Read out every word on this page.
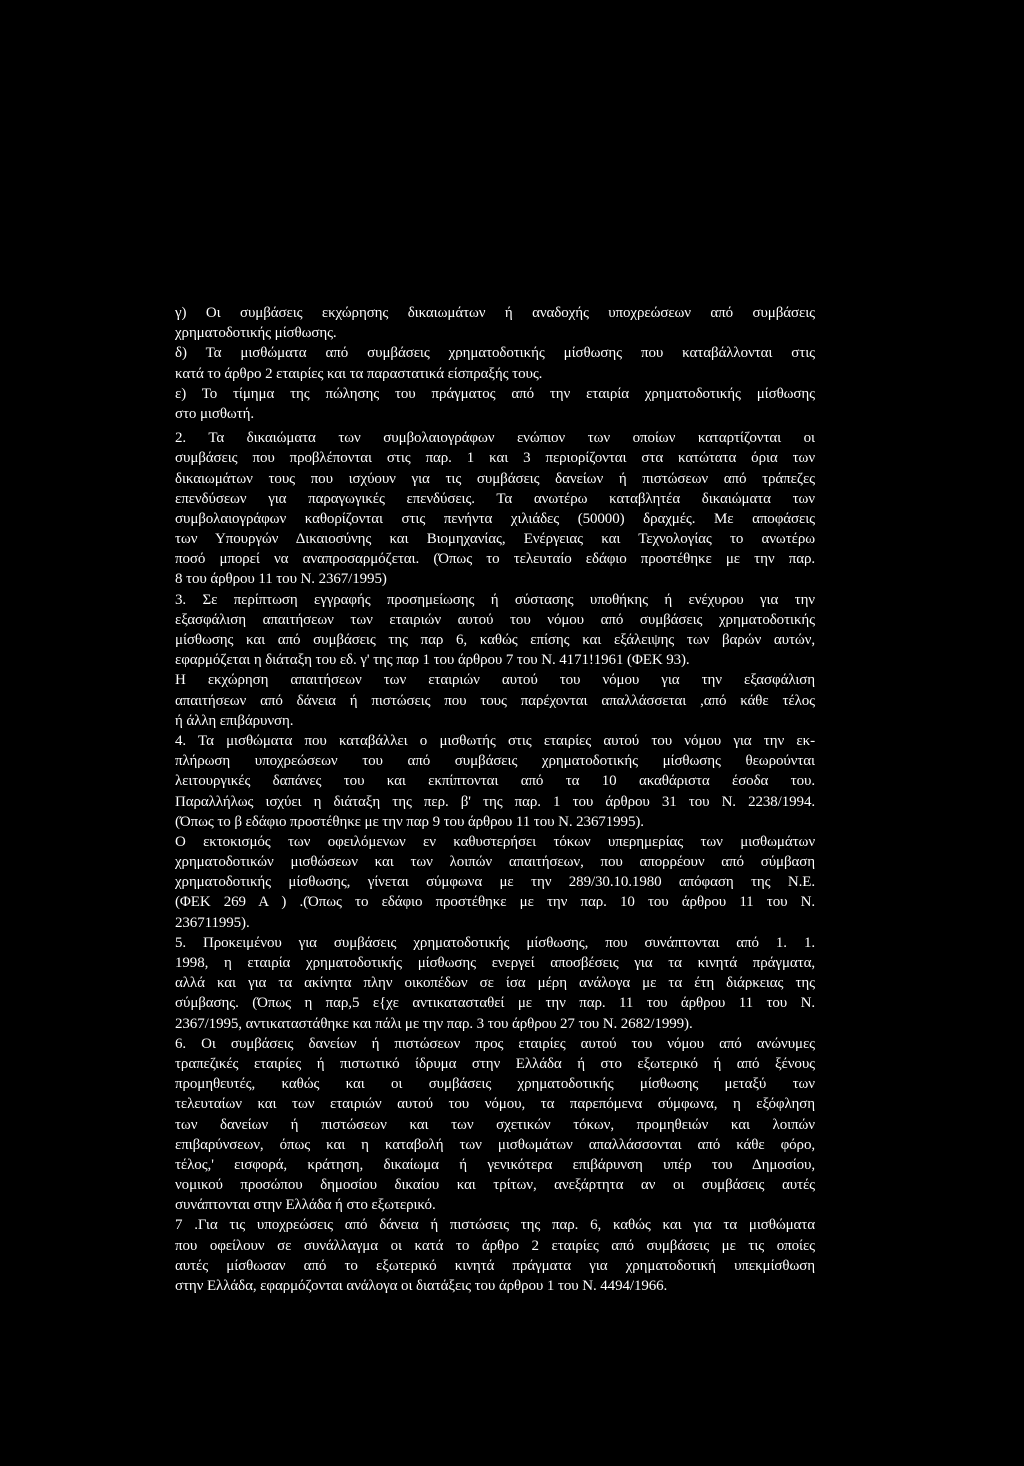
γ) Οι συμβάσεις εκχώρησης δικαιωμάτων ή αναδοχής υποχρεώσεων από συμβάσεις
χρηματοδοτικής μίσθωσης.
δ) Τα μισθώματα από συμβάσεις χρηματοδοτικής μίσθωσης που καταβάλλονται στις
κατά το άρθρο 2 εταιρίες και τα παραστατικά είσπραξής τους.
ε) Το τίμημα της πώλησης του πράγματος από την εταιρία χρηματοδοτικής μίσθωσης
στο μισθωτή.
2. Τα δικαιώματα των συμβολαιογράφων ενώπιον των οποίων καταρτίζονται οι
συμβάσεις που προβλέπονται στις παρ. 1 και 3 περιορίζονται στα κατώτατα όρια των
δικαιωμάτων τους που ισχύουν για τις συμβάσεις δανείων ή πιστώσεων από τράπεζες
επενδύσεων για παραγωγικές επενδύσεις. Τα ανωτέρω καταβλητέα δικαιώματα των
συμβολαιογράφων καθορίζονται στις πενήντα χιλιάδες (50000) δραχμές. Με αποφάσεις
των Υπουργών Δικαιοσύνης και Βιομηχανίας, Ενέργειας και Τεχνολογίας το ανωτέρω
ποσό μπορεί να αναπροσαρμόζεται. (Όπως το τελευταίο εδάφιο προστέθηκε με την παρ.
8 του άρθρου 11 του Ν. 2367/1995)
3. Σε περίπτωση εγγραφής προσημείωσης ή σύστασης υποθήκης ή ενέχυρου για την
εξασφάλιση απαιτήσεων των εταιριών αυτού του νόμου από συμβάσεις χρηματοδοτικής
μίσθωσης και από συμβάσεις της παρ 6, καθώς επίσης και εξάλειψης των βαρών αυτών,
εφαρμόζεται η διάταξη του εδ. γ' της παρ 1 του άρθρου 7 του Ν. 4171!1961 (ΦΕΚ 93).
Η εκχώρηση απαιτήσεων των εταιριών αυτού του νόμου για την εξασφάλιση
απαιτήσεων από δάνεια ή πιστώσεις που τους παρέχονται απαλλάσσεται ,από κάθε τέλος
ή άλλη επιβάρυνση.
4. Τα μισθώματα που καταβάλλει ο μισθωτής στις εταιρίες αυτού του νόμου για την εκ-
πλήρωση υποχρεώσεων του από συμβάσεις χρηματοδοτικής μίσθωσης θεωρούνται
λειτουργικές δαπάνες του και εκπίπτονται από τα 10 ακαθάριστα έσοδα του.
Παραλλήλως ισχύει η διάταξη της περ. β' της παρ. 1 του άρθρου 31 του Ν. 2238/1994.
(Όπως το β εδάφιο προστέθηκε με την παρ 9 του άρθρου 11 του Ν. 23671995).
Ο εκτοκισμός των οφειλόμενων εν καθυστερήσει τόκων υπερημερίας των μισθωμάτων
χρηματοδοτικών μισθώσεων και των λοιπών απαιτήσεων, που απορρέουν από σύμβαση
χρηματοδοτικής μίσθωσης, γίνεται σύμφωνα με την 289/30.10.1980 απόφαση της Ν.Ε.
(ΦΕΚ 269 Α ) .(Όπως το εδάφιο προστέθηκε με την παρ. 10 του άρθρου 11 του Ν.
236711995).
5. Προκειμένου για συμβάσεις χρηματοδοτικής μίσθωσης, που συνάπτονται από 1. 1.
1998, η εταιρία χρηματοδοτικής μίσθωσης ενεργεί αποσβέσεις για τα κινητά πράγματα,
αλλά και για τα ακίνητα πλην οικοπέδων σε ίσα μέρη ανάλογα με τα έτη διάρκειας της
σύμβασης. (Όπως η παρ,5 ε{χε αντικατασταθεί με την παρ. 11 του άρθρου 11 του Ν.
2367/1995, αντικαταστάθηκε και πάλι με την παρ. 3 του άρθρου 27 του Ν. 2682/1999).
6. Οι συμβάσεις δανείων ή πιστώσεων προς εταιρίες αυτού του νόμου από ανώνυμες
τραπεζικές εταιρίες ή πιστωτικό ίδρυμα στην Ελλάδα ή στο εξωτερικό ή από ξένους
προμηθευτές, καθώς και οι συμβάσεις χρηματοδοτικής μίσθωσης μεταξύ των
τελευταίων και των εταιριών αυτού του νόμου, τα παρεπόμενα σύμφωνα, η εξόφληση
των δανείων ή πιστώσεων και των σχετικών τόκων, προμηθειών και λοιπών
επιβαρύνσεων, όπως και η καταβολή των μισθωμάτων απαλλάσσονται από κάθε φόρο,
τέλος,' εισφορά, κράτηση, δικαίωμα ή γενικότερα επιβάρυνση υπέρ του Δημοσίου,
νομικού προσώπου δημοσίου δικαίου και τρίτων, ανεξάρτητα αν οι συμβάσεις αυτές
συνάπτονται στην Ελλάδα ή στο εξωτερικό.
7 .Για τις υποχρεώσεις από δάνεια ή πιστώσεις της παρ. 6, καθώς και για τα μισθώματα
που οφείλουν σε συνάλλαγμα οι κατά το άρθρο 2 εταιρίες από συμβάσεις με τις οποίες
αυτές μίσθωσαν από το εξωτερικό κινητά πράγματα για χρηματοδοτική υπεκμίσθωση
στην Ελλάδα, εφαρμόζονται ανάλογα οι διατάξεις του άρθρου 1 του Ν. 4494/1966.
